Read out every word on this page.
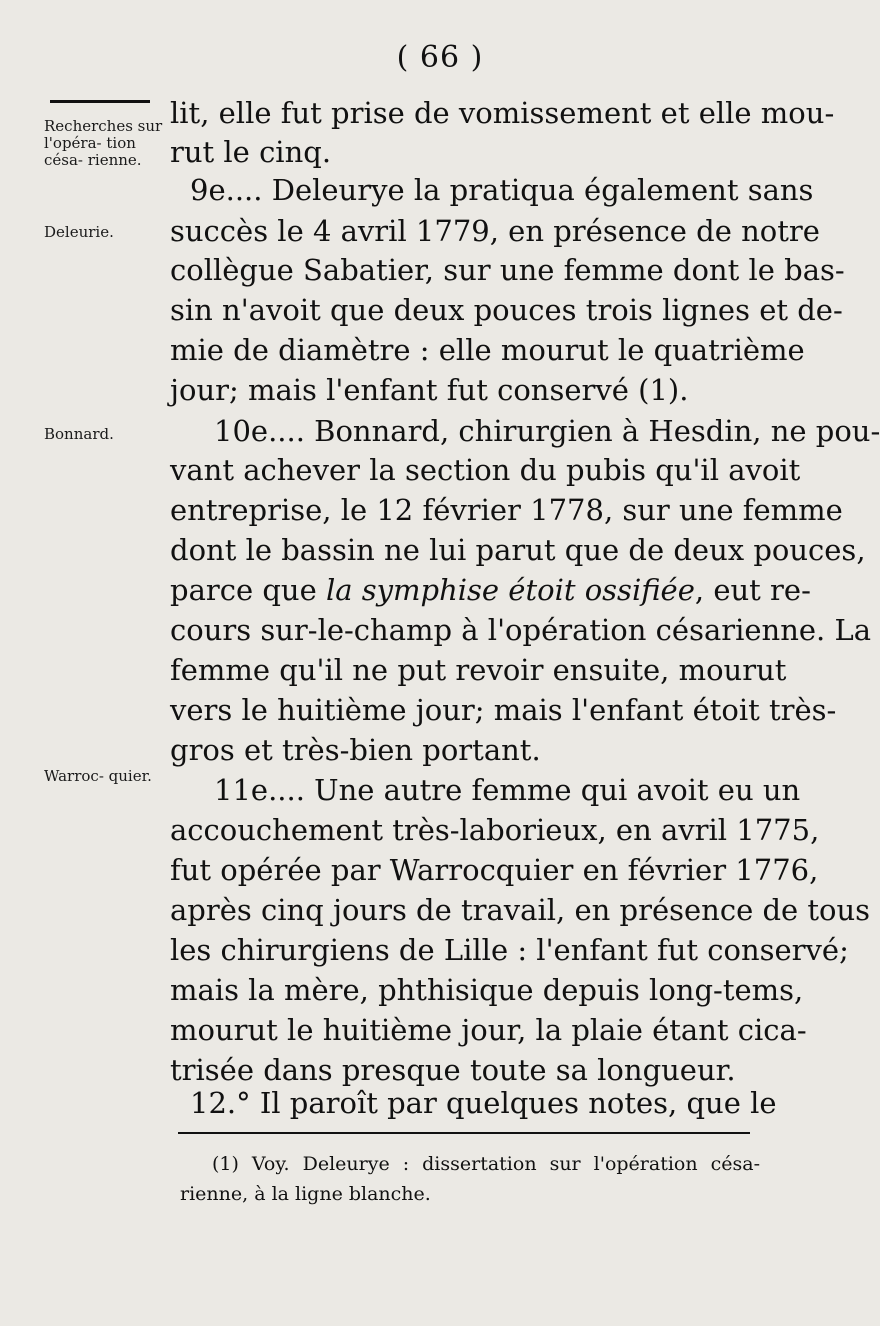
( 66 )
Recherches sur l'opéra- tion césa- rienne.
Deleurie.
Bonnard.
Warroc- quier.
lit, elle fut prise de vomissement et elle mou-
rut le cinq.
9e.... Deleurye la pratiqua également sans
succès le 4 avril 1779, en présence de notre
collègue Sabatier, sur une femme dont le bas-
sin n'avoit que deux pouces trois lignes et de-
mie de diamètre : elle mourut le quatrième
jour; mais l'enfant fut conservé (1).
10e.... Bonnard, chirurgien à Hesdin, ne pou-
vant achever la section du pubis qu'il avoit
entreprise, le 12 février 1778, sur une femme
dont le bassin ne lui parut que de deux pouces,
parce que la symphise étoit ossifiée, eut re-
cours sur-le-champ à l'opération césarienne. La
femme qu'il ne put revoir ensuite, mourut
vers le huitième jour; mais l'enfant étoit très-
gros et très-bien portant.
11e.... Une autre femme qui avoit eu un
accouchement très-laborieux, en avril 1775,
fut opérée par Warrocquier en février 1776,
après cinq jours de travail, en présence de tous
les chirurgiens de Lille : l'enfant fut conservé;
mais la mère, phthisique depuis long-tems,
mourut le huitième jour, la plaie étant cica-
trisée dans presque toute sa longueur.
12.° Il paroît par quelques notes, que le
(1) Voy. Deleurye : dissertation sur l'opération césa-
rienne, à la ligne blanche.
